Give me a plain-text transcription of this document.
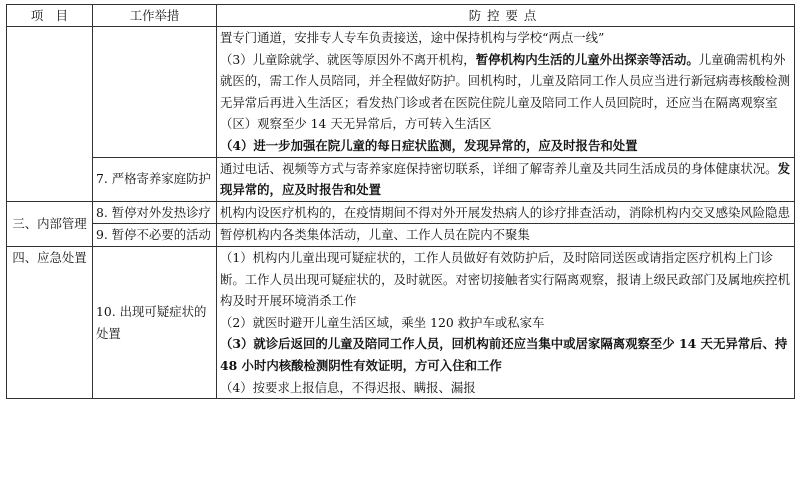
项　目	工作举措	防控要点

		置专门通道，安排专人专车负责接送，途中保持机构与学校“两点一线”
（3）儿童除就学、就医等原因外不离开机构，暂停机构内生活的儿童外出探亲等活动。儿童确需机构外就医的，需工作人员陪同，并全程做好防护。回机构时，儿童及陪同工作人员应当进行新冠病毒核酸检测无异常后再进入生活区；看发热门诊或者在医院住院儿童及陪同工作人员回院时，还应当在隔离观察室（区）观察至少 14 天无异常后，方可转入生活区
（4）进一步加强在院儿童的每日症状监测，发现异常的，应及时报告和处置

	7. 严格寄养家庭防护	通过电话、视频等方式与寄养家庭保持密切联系，详细了解寄养儿童及共同生活成员的身体健康状况。发现异常的，应及时报告和处置
三、内部管理	8. 暂停对外发热诊疗	机构内设医疗机构的，在疫情期间不得对外开展发热病人的诊疗排查活动，消除机构内交叉感染风险隐患
	9. 暂停不必要的活动	暂停机构内各类集体活动，儿童、工作人员在院内不聚集
四、应急处置	10. 出现可疑症状的处置	（1）机构内儿童出现可疑症状的，工作人员做好有效防护后，及时陪同送医或请指定医疗机构上门诊断。工作人员出现可疑症状的，及时就医。对密切接触者实行隔离观察，报请上级民政部门及属地疾控机构及时开展环境消杀工作
（2）就医时避开儿童生活区域，乘坐 120 救护车或私家车
（3）就诊后返回的儿童及陪同工作人员，回机构前还应当集中或居家隔离观察至少 14 天无异常后、持 48 小时内核酸检测阴性有效证明，方可入住和工作
（4）按要求上报信息，不得迟报、瞒报、漏报
